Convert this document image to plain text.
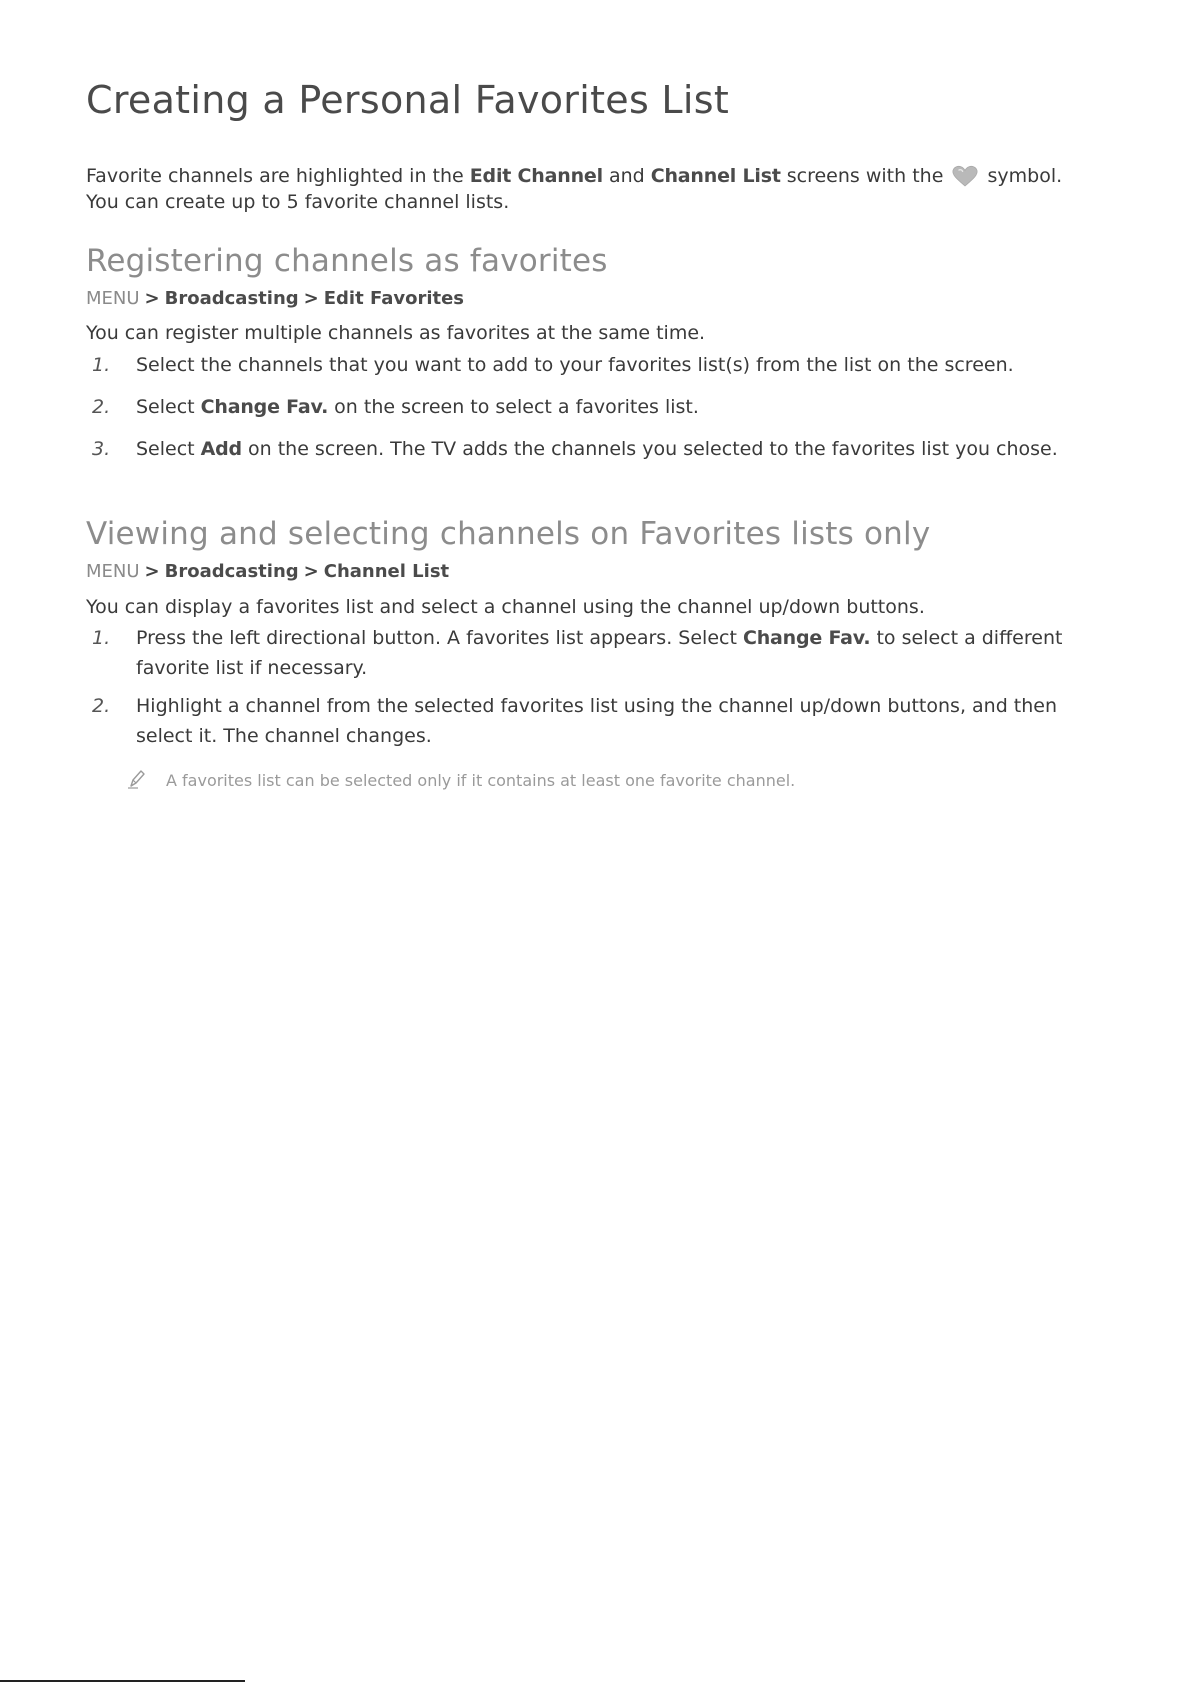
Creating a Personal Favorites List
Favorite channels are highlighted in the Edit Channel and Channel List screens with the  symbol.
You can create up to 5 favorite channel lists.
Registering channels as favorites
MENU > Broadcasting > Edit Favorites
You can register multiple channels as favorites at the same time.
1. Select the channels that you want to add to your favorites list(s) from the list on the screen.
2. Select Change Fav. on the screen to select a favorites list.
3. Select Add on the screen. The TV adds the channels you selected to the favorites list you chose.
Viewing and selecting channels on Favorites lists only
MENU > Broadcasting > Channel List
You can display a favorites list and select a channel using the channel up/down buttons.
1. Press the left directional button. A favorites list appears. Select Change Fav. to select a different favorite list if necessary.
2. Highlight a channel from the selected favorites list using the channel up/down buttons, and then select it. The channel changes.
A favorites list can be selected only if it contains at least one favorite channel.
